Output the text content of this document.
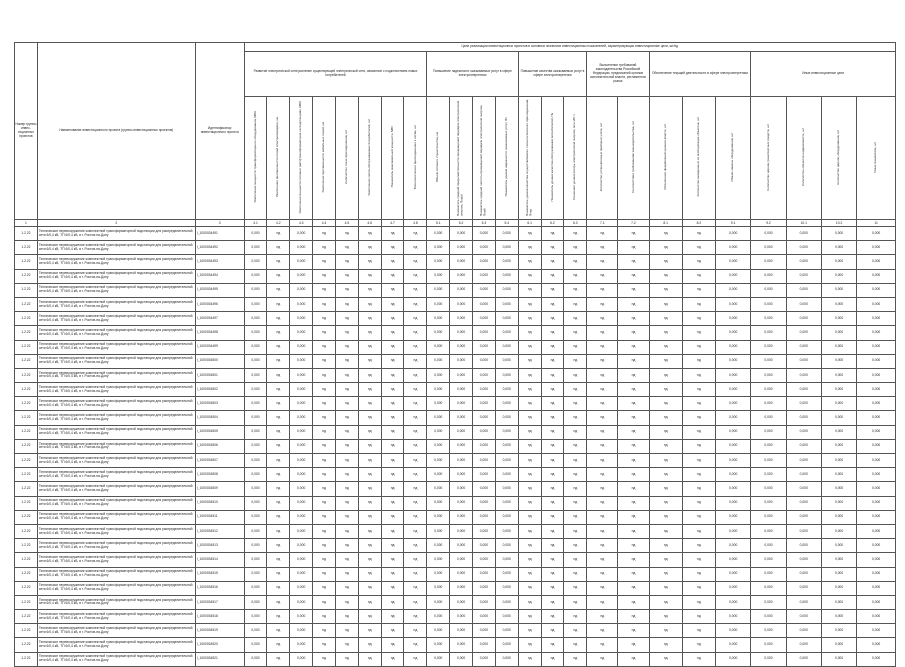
Номер группы инвес-тиционных проектов	Наименование инвестиционного проекта (группы инвестиционных проектов)	Идентификатор инвестиционного проекта	Цели реализации инвестиционных проектов в основных значениях инвестиционных показателей, характеризующих инвестиционные цели, шт/ед																							
			Развитие электрической сети/усиление существующей электрической сети, связанное с подключением новых потребителей								Повышение надежности оказываемых услуг в сфере электроэнергетики				Повышение качества оказываемых услуг в сфере электроэнергетики			Выполнение требований законодательства Российской Федерации, предписаний органов исполнительной власти, регламентов рынка		Обеспечение текущей деятельности в сфере электроэнергетики			Иные инвестиционные цели			
			Увеличение мощности трансформаторного оборудования, МВА	Увеличение протяженности линий электропередачи, км	Увеличение мощности силовых (авто)трансформаторов на подстанциях, МВА	Увеличение протяженности кабельных линий, км	Количество точек присоединения, шт	Увеличение числа обслуживаемых потребителей, шт	Показатель максимальной мощности, МВт	Технологическое присоединение к сетям, шт	Объем сетевого строительства, км	Показатель средней продолжительности прекращений передачи электрической энергии, Пsaidi	Показатель средней частоты прекращений передачи электрической энергии, Пsaifi	Показатель уровня надежности оказываемых услуг, Пn	Показатель уровня качества осуществляемого технологического присоединения, Птпр	Показатель уровня качества обслуживания потребителей, Пк	Снижение уровня потерь электрической энергии, млн кВт·ч	Количество установленных приборов учета, шт	Соответствие требованиям законодательства, шт	Исполнение предписаний органов власти, шт	Количество выведенных из эксплуатации объектов, шт	Объем замены оборудования, шт	Количество единиц транспортных средств, шт	Количество объектов недвижимости, шт	Количество единиц оборудования, шт	Иные показатели, шт
1	2	3	4.1	4.2	4.3	4.4	4.5	4.6	4.7	4.8	5.1	5.2	5.3	5.4	6.1	6.2	6.3	7.1	7.2	8.1	8.2	9.1	9.2	10.1	10.2	11
1.2.22	Техническое перевооружение комплектной трансформаторной подстанции для распределительной сети 6/0,4 кВ, ТП 6/0,4 кВ, в г. Ростов-на-Дону	I_1000034491	0,000	нд	0,000	нд	нд	нд	нд	нд	0,000	0,000	0,000	0,000	нд	нд	нд	нд	нд	нд	нд	0,000	0,000	0,000	0,000	0,000
1.2.22	Техническое перевооружение комплектной трансформаторной подстанции для распределительной сети 6/0,4 кВ, ТП 6/0,4 кВ, в г. Ростов-на-Дону	I_1000034492	0,000	нд	0,000	нд	нд	нд	нд	нд	0,000	0,000	0,000	0,000	нд	нд	нд	нд	нд	нд	нд	0,000	0,000	0,000	0,000	0,000
1.2.22	Техническое перевооружение комплектной трансформаторной подстанции для распределительной сети 6/0,4 кВ, ТП 6/0,4 кВ, в г. Ростов-на-Дону	I_1000034493	0,000	нд	0,000	нд	нд	нд	нд	нд	0,000	0,000	0,000	0,000	нд	нд	нд	нд	нд	нд	нд	0,000	0,000	0,000	0,000	0,000
1.2.22	Техническое перевооружение комплектной трансформаторной подстанции для распределительной сети 6/0,4 кВ, ТП 6/0,4 кВ, в г. Ростов-на-Дону	I_1000034494	0,000	нд	0,000	нд	нд	нд	нд	нд	0,000	0,000	0,000	0,000	нд	нд	нд	нд	нд	нд	нд	0,000	0,000	0,000	0,000	0,000
1.2.22	Техническое перевооружение комплектной трансформаторной подстанции для распределительной сети 6/0,4 кВ, ТП 6/0,4 кВ, в г. Ростов-на-Дону	I_1000034495	0,000	нд	0,000	нд	нд	нд	нд	нд	0,000	0,000	0,000	0,000	нд	нд	нд	нд	нд	нд	нд	0,000	0,000	0,000	0,000	0,000
1.2.22	Техническое перевооружение комплектной трансформаторной подстанции для распределительной сети 6/0,4 кВ, ТП 6/0,4 кВ, в г. Ростов-на-Дону	I_1000034496	0,000	нд	0,000	нд	нд	нд	нд	нд	0,000	0,000	0,000	0,000	нд	нд	нд	нд	нд	нд	нд	0,000	0,000	0,000	0,000	0,000
1.2.22	Техническое перевооружение комплектной трансформаторной подстанции для распределительной сети 6/0,4 кВ, ТП 6/0,4 кВ, в г. Ростов-на-Дону	I_1000034497	0,000	нд	0,000	нд	нд	нд	нд	нд	0,000	0,000	0,000	0,000	нд	нд	нд	нд	нд	нд	нд	0,000	0,000	0,000	0,000	0,000
1.2.22	Техническое перевооружение комплектной трансформаторной подстанции для распределительной сети 6/0,4 кВ, ТП 6/0,4 кВ, в г. Ростов-на-Дону	I_1000034498	0,000	нд	0,000	нд	нд	нд	нд	нд	0,000	0,000	0,000	0,000	нд	нд	нд	нд	нд	нд	нд	0,000	0,000	0,000	0,000	0,000
1.2.22	Техническое перевооружение комплектной трансформаторной подстанции для распределительной сети 6/0,4 кВ, ТП 6/0,4 кВ, в г. Ростов-на-Дону	I_1000034499	0,000	нд	0,000	нд	нд	нд	нд	нд	0,000	0,000	0,000	0,000	нд	нд	нд	нд	нд	нд	нд	0,000	0,000	0,000	0,000	0,000
1.2.22	Техническое перевооружение комплектной трансформаторной подстанции для распределительной сети 6/0,4 кВ, ТП 6/0,4 кВ, в г. Ростов-на-Дону	I_1000034500	0,000	нд	0,000	нд	нд	нд	нд	нд	0,000	0,000	0,000	0,000	нд	нд	нд	нд	нд	нд	нд	0,000	0,000	0,000	0,000	0,000
1.2.22	Техническое перевооружение комплектной трансформаторной подстанции для распределительной сети 6/0,4 кВ, ТП 6/0,4 кВ, в г. Ростов-на-Дону	I_1000034501	0,000	нд	0,000	нд	нд	нд	нд	нд	0,000	0,000	0,000	0,000	нд	нд	нд	нд	нд	нд	нд	0,000	0,000	0,000	0,000	0,000
1.2.22	Техническое перевооружение комплектной трансформаторной подстанции для распределительной сети 6/0,4 кВ, ТП 6/0,4 кВ, в г. Ростов-на-Дону	I_1000034502	0,000	нд	0,000	нд	нд	нд	нд	нд	0,000	0,000	0,000	0,000	нд	нд	нд	нд	нд	нд	нд	0,000	0,000	0,000	0,000	0,000
1.2.22	Техническое перевооружение комплектной трансформаторной подстанции для распределительной сети 6/0,4 кВ, ТП 6/0,4 кВ, в г. Ростов-на-Дону	I_1000034503	0,000	нд	0,000	нд	нд	нд	нд	нд	0,000	0,000	0,000	0,000	нд	нд	нд	нд	нд	нд	нд	0,000	0,000	0,000	0,000	0,000
1.2.22	Техническое перевооружение комплектной трансформаторной подстанции для распределительной сети 6/0,4 кВ, ТП 6/0,4 кВ, в г. Ростов-на-Дону	I_1000034504	0,000	нд	0,000	нд	нд	нд	нд	нд	0,000	0,000	0,000	0,000	нд	нд	нд	нд	нд	нд	нд	0,000	0,000	0,000	0,000	0,000
1.2.22	Техническое перевооружение комплектной трансформаторной подстанции для распределительной сети 6/0,4 кВ, ТП 6/0,4 кВ, в г. Ростов-на-Дону	I_1000034505	0,000	нд	0,000	нд	нд	нд	нд	нд	0,000	0,000	0,000	0,000	нд	нд	нд	нд	нд	нд	нд	0,000	0,000	0,000	0,000	0,000
1.2.22	Техническое перевооружение комплектной трансформаторной подстанции для распределительной сети 6/0,4 кВ, ТП 6/0,4 кВ, в г. Ростов-на-Дону	I_1000034506	0,000	нд	0,000	нд	нд	нд	нд	нд	0,000	0,000	0,000	0,000	нд	нд	нд	нд	нд	нд	нд	0,000	0,000	0,000	0,000	0,000
1.2.22	Техническое перевооружение комплектной трансформаторной подстанции для распределительной сети 6/0,4 кВ, ТП 6/0,4 кВ, в г. Ростов-на-Дону	I_1000034507	0,000	нд	0,000	нд	нд	нд	нд	нд	0,000	0,000	0,000	0,000	нд	нд	нд	нд	нд	нд	нд	0,000	0,000	0,000	0,000	0,000
1.2.22	Техническое перевооружение комплектной трансформаторной подстанции для распределительной сети 6/0,4 кВ, ТП 6/0,4 кВ, в г. Ростов-на-Дону	I_1000034508	0,000	нд	0,000	нд	нд	нд	нд	нд	0,000	0,000	0,000	0,000	нд	нд	нд	нд	нд	нд	нд	0,000	0,000	0,000	0,000	0,000
1.2.22	Техническое перевооружение комплектной трансформаторной подстанции для распределительной сети 6/0,4 кВ, ТП 6/0,4 кВ, в г. Ростов-на-Дону	I_1000034509	0,000	нд	0,000	нд	нд	нд	нд	нд	0,000	0,000	0,000	0,000	нд	нд	нд	нд	нд	нд	нд	0,000	0,000	0,000	0,000	0,000
1.2.22	Техническое перевооружение комплектной трансформаторной подстанции для распределительной сети 6/0,4 кВ, ТП 6/0,4 кВ, в г. Ростов-на-Дону	I_1000034510	0,000	нд	0,000	нд	нд	нд	нд	нд	0,000	0,000	0,000	0,000	нд	нд	нд	нд	нд	нд	нд	0,000	0,000	0,000	0,000	0,000
1.2.22	Техническое перевооружение комплектной трансформаторной подстанции для распределительной сети 6/0,4 кВ, ТП 6/0,4 кВ, в г. Ростов-на-Дону	I_1000034511	0,000	нд	0,000	нд	нд	нд	нд	нд	0,000	0,000	0,000	0,000	нд	нд	нд	нд	нд	нд	нд	0,000	0,000	0,000	0,000	0,000
1.2.22	Техническое перевооружение комплектной трансформаторной подстанции для распределительной сети 6/0,4 кВ, ТП 6/0,4 кВ, в г. Ростов-на-Дону	I_1000034512	0,000	нд	0,000	нд	нд	нд	нд	нд	0,000	0,000	0,000	0,000	нд	нд	нд	нд	нд	нд	нд	0,000	0,000	0,000	0,000	0,000
1.2.22	Техническое перевооружение комплектной трансформаторной подстанции для распределительной сети 6/0,4 кВ, ТП 6/0,4 кВ, в г. Ростов-на-Дону	I_1000034513	0,000	нд	0,000	нд	нд	нд	нд	нд	0,000	0,000	0,000	0,000	нд	нд	нд	нд	нд	нд	нд	0,000	0,000	0,000	0,000	0,000
1.2.22	Техническое перевооружение комплектной трансформаторной подстанции для распределительной сети 6/0,4 кВ, ТП 6/0,4 кВ, в г. Ростов-на-Дону	I_1000034514	0,000	нд	0,000	нд	нд	нд	нд	нд	0,000	0,000	0,000	0,000	нд	нд	нд	нд	нд	нд	нд	0,000	0,000	0,000	0,000	0,000
1.2.22	Техническое перевооружение комплектной трансформаторной подстанции для распределительной сети 6/0,4 кВ, ТП 6/0,4 кВ, в г. Ростов-на-Дону	I_1000034515	0,000	нд	0,000	нд	нд	нд	нд	нд	0,000	0,000	0,000	0,000	нд	нд	нд	нд	нд	нд	нд	0,000	0,000	0,000	0,000	0,000
1.2.22	Техническое перевооружение комплектной трансформаторной подстанции для распределительной сети 6/0,4 кВ, ТП 6/0,4 кВ, в г. Ростов-на-Дону	I_1000034516	0,000	нд	0,000	нд	нд	нд	нд	нд	0,000	0,000	0,000	0,000	нд	нд	нд	нд	нд	нд	нд	0,000	0,000	0,000	0,000	0,000
1.2.22	Техническое перевооружение комплектной трансформаторной подстанции для распределительной сети 6/0,4 кВ, ТП 6/0,4 кВ, в г. Ростов-на-Дону	I_1000034517	0,000	нд	0,000	нд	нд	нд	нд	нд	0,000	0,000	0,000	0,000	нд	нд	нд	нд	нд	нд	нд	0,000	0,000	0,000	0,000	0,000
1.2.22	Техническое перевооружение комплектной трансформаторной подстанции для распределительной сети 6/0,4 кВ, ТП 6/0,4 кВ, в г. Ростов-на-Дону	I_1000034518	0,000	нд	0,000	нд	нд	нд	нд	нд	0,000	0,000	0,000	0,000	нд	нд	нд	нд	нд	нд	нд	0,000	0,000	0,000	0,000	0,000
1.2.22	Техническое перевооружение комплектной трансформаторной подстанции для распределительной сети 6/0,4 кВ, ТП 6/0,4 кВ, в г. Ростов-на-Дону	I_1000034519	0,000	нд	0,000	нд	нд	нд	нд	нд	0,000	0,000	0,000	0,000	нд	нд	нд	нд	нд	нд	нд	0,000	0,000	0,000	0,000	0,000
1.2.22	Техническое перевооружение комплектной трансформаторной подстанции для распределительной сети 6/0,4 кВ, ТП 6/0,4 кВ, в г. Ростов-на-Дону	I_1000034520	0,000	нд	0,000	нд	нд	нд	нд	нд	0,000	0,000	0,000	0,000	нд	нд	нд	нд	нд	нд	нд	0,000	0,000	0,000	0,000	0,000
1.2.22	Техническое перевооружение комплектной трансформаторной подстанции для распределительной сети 6/0,4 кВ, ТП 6/0,4 кВ, в г. Ростов-на-Дону	I_1000034521	0,000	нд	0,000	нд	нд	нд	нд	нд	0,000	0,000	0,000	0,000	нд	нд	нд	нд	нд	нд	нд	0,000	0,000	0,000	0,000	0,000
